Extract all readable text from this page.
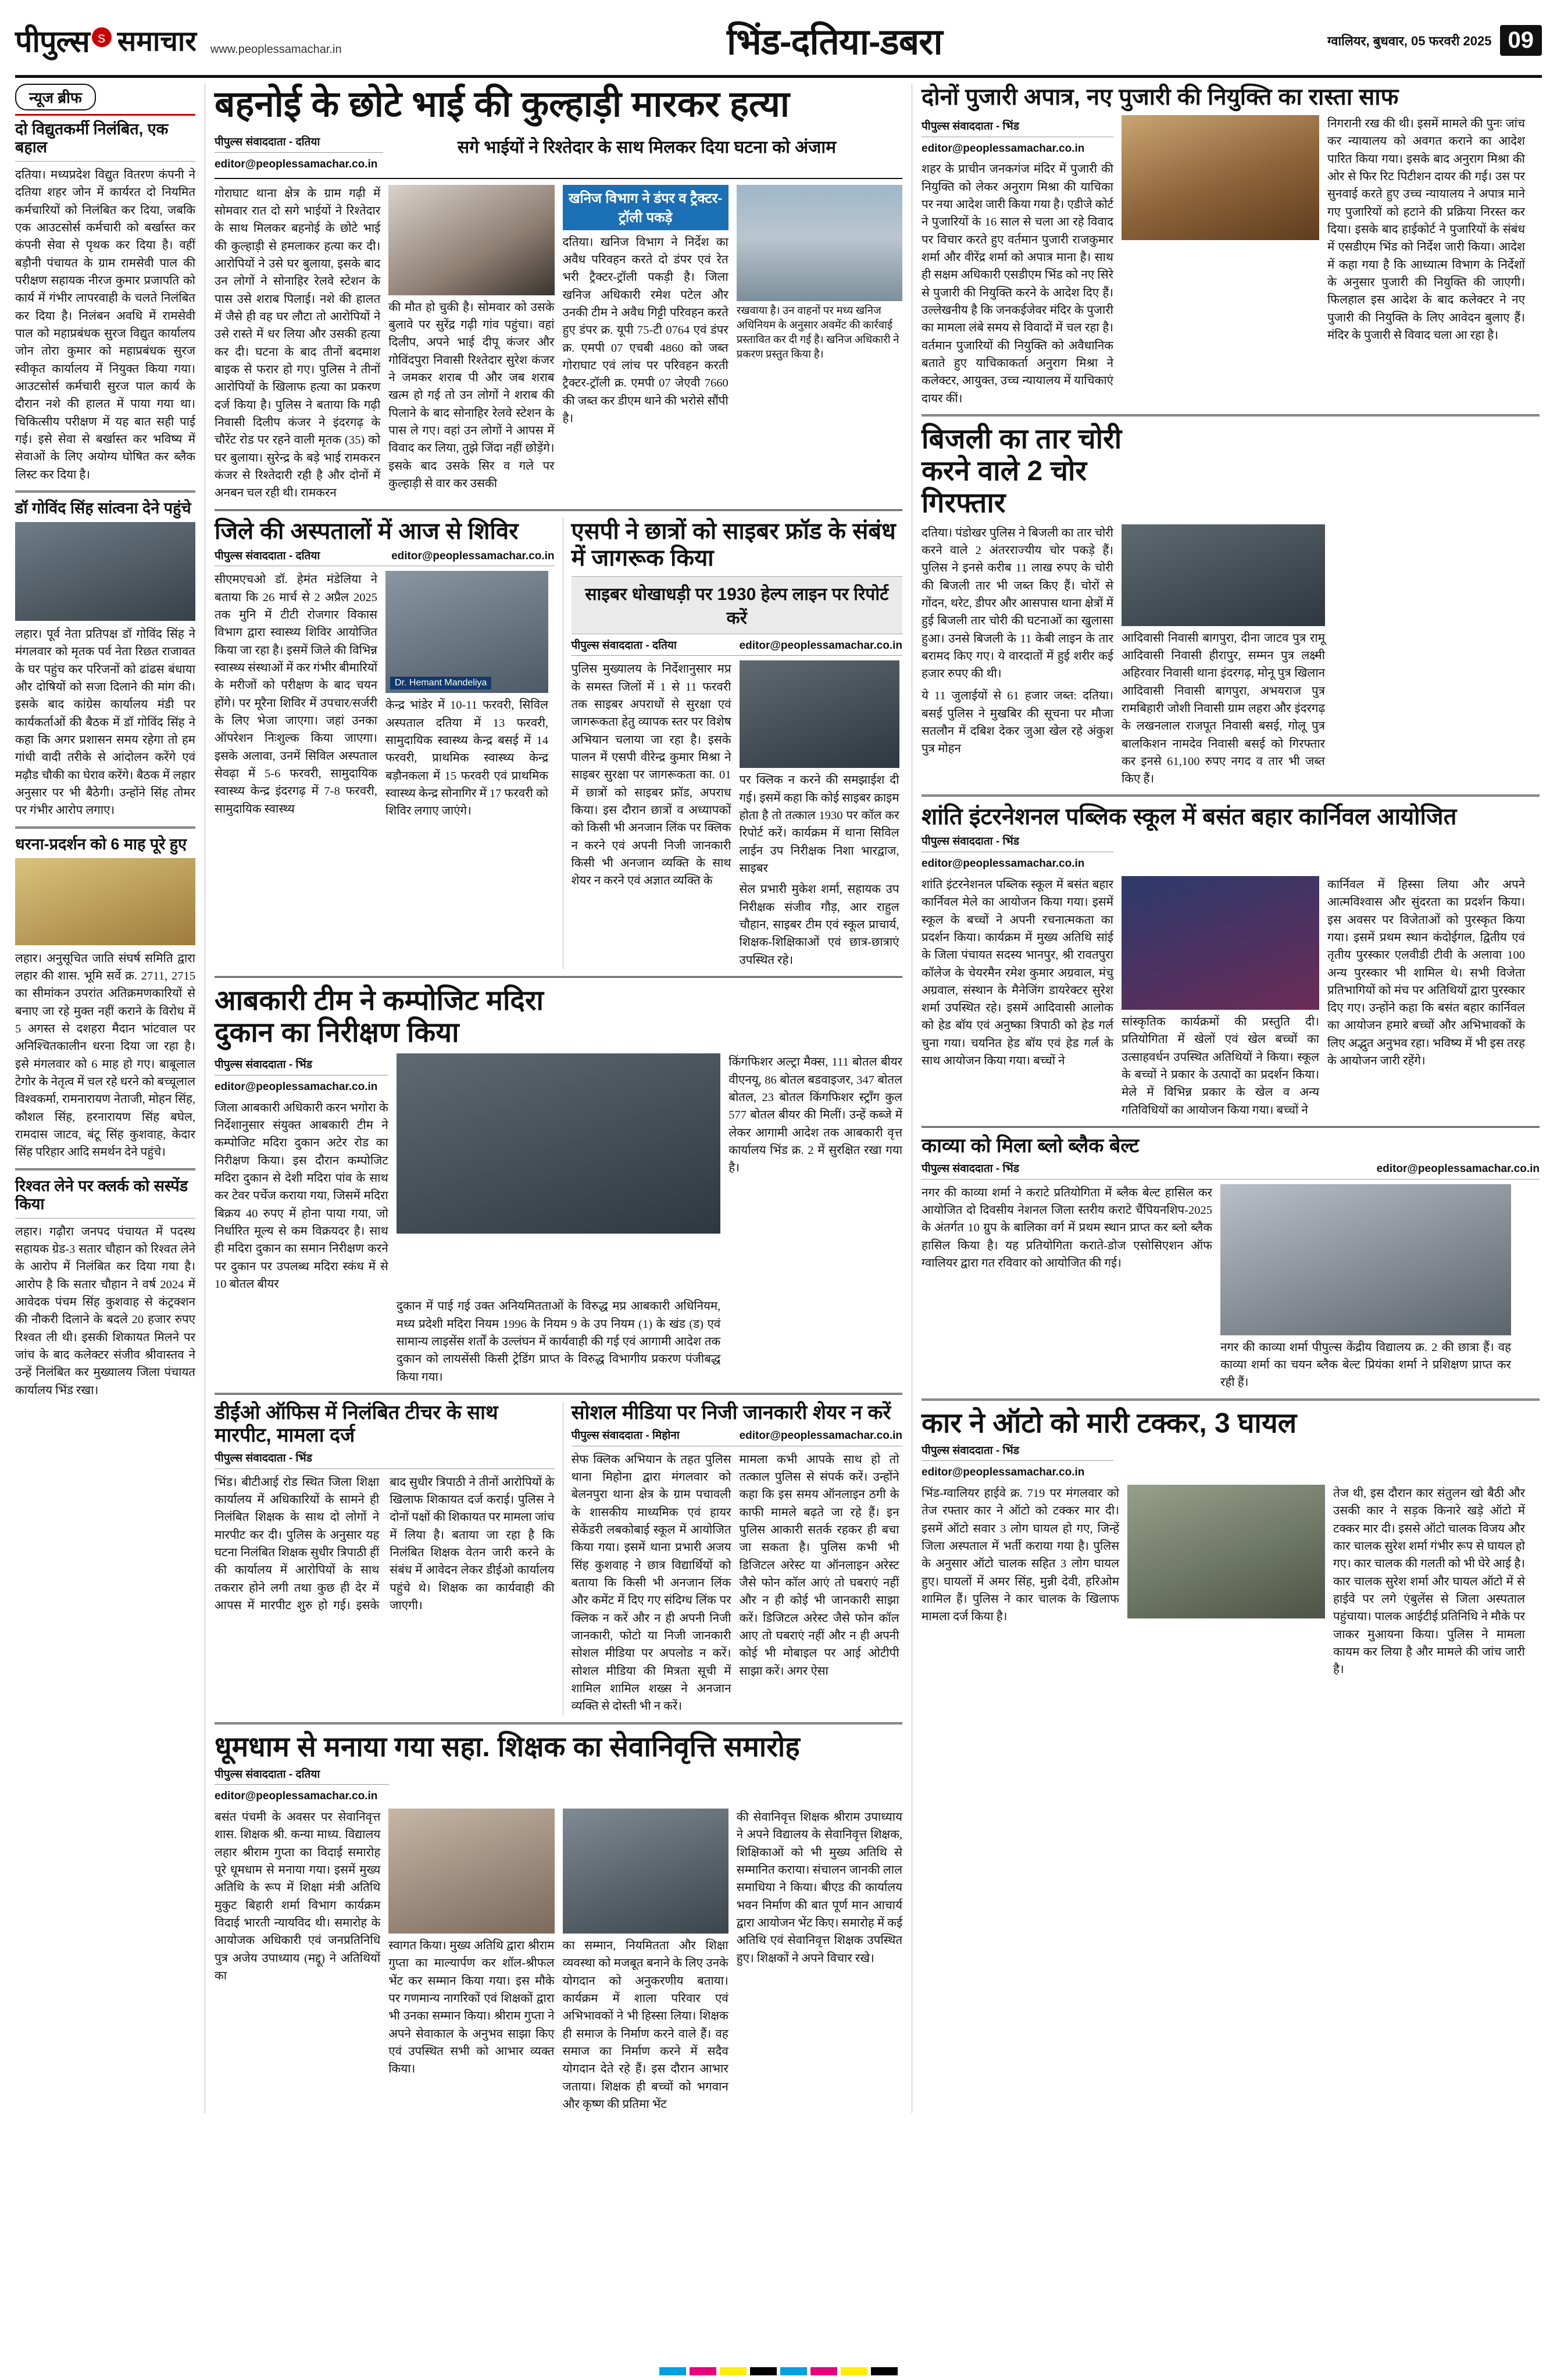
पीपुल्स s समाचार www.peoplessamachar.in	भिंड-दतिया-डबरा	ग्वालियर, बुधवार, 05 फरवरी 2025 09
न्यूज ब्रीफ
दो विद्युतकर्मी निलंबित, एक बहाल
दतिया। मध्यप्रदेश विद्युत वितरण कंपनी ने दतिया शहर जोन में कार्यरत दो नियमित कर्मचारियों को निलंबित कर दिया, जबकि एक आउटसोर्स कर्मचारी को बर्खास्त कर कंपनी सेवा से पृथक कर दिया है। वहीं बड़ौनी पंचायत के ग्राम रामसेवी पाल की परीक्षण सहायक नीरज कुमार प्रजापति को कार्य में गंभीर लापरवाही के चलते निलंबित कर दिया है। निलंबन अवधि में रामसेवी पाल को महाप्रबंधक सुरज विद्युत कार्यालय जोन तोरा कुमार को महाप्रबंधक सुरज स्वीकृत कार्यालय में नियुक्त किया गया। आउटसोर्स कर्मचारी सुरज पाल कार्य के दौरान नशे की हालत में पाया गया था। चिकित्सीय परीक्षण में यह बात सही पाई गई। इसे सेवा से बर्खास्त कर भविष्य में सेवाओं के लिए अयोग्य घोषित कर ब्लैक लिस्ट कर दिया है।
डॉ गोविंद सिंह सांत्वना देने पहुंचे
लहार। पूर्व नेता प्रतिपक्ष डॉ गोविंद सिंह ने मंगलवार को मृतक पर्व नेता रिछत राजावत के घर पहुंच कर परिजनों को ढांढस बंधाया और दोषियों को सजा दिलाने की मांग की। इसके बाद कांग्रेस कार्यालय मंडी पर कार्यकर्ताओं की बैठक में डॉ गोविंद सिंह ने कहा कि अगर प्रशासन समय रहेगा तो हम गांधी वादी तरीके से आंदोलन करेंगे एवं मढ़ौड चौकी का घेराव करेंगे। बैठक में लहार अनुसार पर भी बैठेगी। उन्होंने सिंह तोमर पर गंभीर आरोप लगाए।
धरना-प्रदर्शन को 6 माह पूरे हुए
लहार। अनुसूचित जाति संघर्ष समिति द्वारा लहार की शास. भूमि सर्वे क्र. 2711, 2715 का सीमांकन उपरांत अतिक्रमणकारियों से बनाए जा रहे मुक्त नहीं कराने के विरोध में 5 अगस्त से दशहरा मैदान भांटवाल पर अनिश्चितकालीन धरना दिया जा रहा है। इसे मंगलवार को 6 माह हो गए। बाबूलाल टेगोर के नेतृत्व में चल रहे धरने को बच्चूलाल विश्वकर्मा, रामनारायण नेताजी, मोहन सिंह, कौशल सिंह, हरनारायण सिंह बघेल, रामदास जाटव, बंटू सिंह कुशवाह, केदार सिंह परिहार आदि समर्थन देने पहुंचे।
रिश्वत लेने पर क्लर्क को सस्पेंड किया
लहार। गढ़ौरा जनपद पंचायत में पदस्थ सहायक ग्रेड-3 सतार चौहान को रिश्वत लेने के आरोप में निलंबित कर दिया गया है। आरोप है कि सतार चौहान ने वर्ष 2024 में आवेदक पंचम सिंह कुशवाह से कंट्रक्शन की नौकरी दिलाने के बदले 20 हजार रुपए रिश्वत ली थी। इसकी शिकायत मिलने पर जांच के बाद कलेक्टर संजीव श्रीवास्तव ने उन्हें निलंबित कर मुख्यालय जिला पंचायत कार्यालय भिंड रखा।
बहनोई के छोटे भाई की कुल्हाड़ी मारकर हत्या
पीपुल्स संवाददाता - दतिया
editor@peoplessamachar.co.in
सगे भाईयों ने रिश्तेदार के साथ मिलकर दिया घटना को अंजाम
गोराघाट थाना क्षेत्र के ग्राम गढ़ी में सोमवार रात दो सगे भाईयों ने रिश्तेदार के साथ मिलकर बहनोई के छोटे भाई की कुल्हाड़ी से हमलाकर हत्या कर दी। आरोपियों ने उसे घर बुलाया, इसके बाद उन लोगों ने सोनाहिर रेलवे स्टेशन के पास उसे शराब पिलाई। नशे की हालत में जैसे ही वह घर लौटा तो आरोपियों ने उसे रास्ते में धर लिया और उसकी हत्या कर दी। घटना के बाद तीनों बदमाश बाइक से फरार हो गए। पुलिस ने तीनों आरोपियों के खिलाफ हत्या का प्रकरण दर्ज किया है। पुलिस ने बताया कि गढ़ी निवासी दिलीप कंजर ने इंदरगढ़ के चौरेंट रोड पर रहने वाली मृतक (35) को घर बुलाया। सुरेन्द्र के बड़े भाई रामकरन कंजर से रिश्तेदारी रही है और दोनों में अनबन चल रही थी। रामकरन
की मौत हो चुकी है। सोमवार को उसके बुलावे पर सुरेंद्र गढ़ी गांव पहुंचा। वहां दिलीप, अपने भाई दीपू कंजर और गोविंदपुरा निवासी रिश्तेदार सुरेश कंजर ने जमकर शराब पी और जब शराब खत्म हो गई तो उन लोगों ने शराब की पिलाने के बाद सोनाहिर रेलवे स्टेशन के पास ले गए। वहां उन लोगों ने आपस में विवाद कर लिया, तुझे जिंदा नहीं छोड़ेंगे। इसके बाद उसके सिर व गले पर कुल्हाड़ी से वार कर उसकी
खनिज विभाग ने डंपर व ट्रैक्टर-ट्रॉली पकड़े
दतिया। खनिज विभाग ने निर्देश का अवैध परिवहन करते दो डंपर एवं रेत भरी ट्रैक्टर-ट्रॉली पकड़ी है। जिला खनिज अधिकारी रमेश पटेल और उनकी टीम ने अवैध गिट्टी परिवहन करते हुए डंपर क्र. यूपी 75-टी 0764 एवं डंपर क्र. एमपी 07 एचबी 4860 को जब्त गोराघाट एवं लांच पर परिवहन करती ट्रैक्टर-ट्रॉली क्र. एमपी 07 जेएवी 7660 की जब्त कर डीएम थाने की भरोसे सौंपी है।
रखवाया है। उन वाहनों पर मध्य खनिज अधिनियम के अनुसार अवमेंट की कार्रवाई प्रस्तावित कर दी गई है। खनिज अधिकारी ने प्रकरण प्रस्तुत किया है।
जिले की अस्पतालों में आज से शिविर
पीपुल्स संवाददाता - दतिया	editor@peoplessamachar.co.in
सीएमएचओ डॉ. हेमंत मंडेलिया ने बताया कि 26 मार्च से 2 अप्रैल 2025 तक मुनि में टीटी रोजगार विकास विभाग द्वारा स्वास्थ्य शिविर आयोजित किया जा रहा है। इसमें जिले की विभिन्न स्वास्थ्य संस्थाओं में कर गंभीर बीमारियों के मरीजों को परीक्षण के बाद चयन होंगे। पर मूरैना शिविर में उपचार/सर्जरी के लिए भेजा जाएगा। जहां उनका ऑपरेशन निःशुल्क किया जाएगा। इसके अलावा, उनमें सिविल अस्पताल सेवढ़ा में 5-6 फरवरी, सामुदायिक स्वास्थ्य केन्द्र इंदरगढ़ में 7-8 फरवरी, सामुदायिक स्वास्थ्य
Dr. Hemant Mandeliya
केन्द्र भांडेर में 10-11 फरवरी, सिविल अस्पताल दतिया में 13 फरवरी, सामुदायिक स्वास्थ्य केन्द्र बसई में 14 फरवरी, प्राथमिक स्वास्थ्य केन्द्र बड़ौनकला में 15 फरवरी एवं प्राथमिक स्वास्थ्य केन्द्र सोनागिर में 17 फरवरी को शिविर लगाए जाएंगे।
एसपी ने छात्रों को साइबर फ्रॉड के संबंध में जागरूक किया
साइबर धोखाधड़ी पर 1930 हेल्प लाइन पर रिपोर्ट करें
पीपुल्स संवाददाता - दतिया	editor@peoplessamachar.co.in
पुलिस मुख्यालय के निर्देशानुसार मप्र के समस्त जिलों में 1 से 11 फरवरी तक साइबर अपराधों से सुरक्षा एवं जागरूकता हेतु व्यापक स्तर पर विशेष अभियान चलाया जा रहा है। इसके पालन में एसपी वीरेन्द्र कुमार मिश्रा ने साइबर सुरक्षा पर जागरूकता का. 01 में छात्रों को साइबर फ्रॉड, अपराध किया। इस दौरान छात्रों व अध्यापकों को किसी भी अनजान लिंक पर क्लिक न करने एवं अपनी निजी जानकारी किसी भी अनजान व्यक्ति के साथ शेयर न करने एवं अज्ञात व्यक्ति के
पर क्लिक न करने की समझाईश दी गई। इसमें कहा कि कोई साइबर क्राइम होता है तो तत्काल 1930 पर कॉल कर रिपोर्ट करें। कार्यक्रम में थाना सिविल लाईन उप निरीक्षक निशा भारद्वाज, साइबर
सेल प्रभारी मुकेश शर्मा, सहायक उप निरीक्षक संजीव गौड़, आर राहुल चौहान, साइबर टीम एवं स्कूल प्राचार्य, शिक्षक-शिक्षिकाओं एवं छात्र-छात्राएं उपस्थित रहे।
आबकारी टीम ने कम्पोजिट मदिरा दुकान का निरीक्षण किया
पीपुल्स संवाददाता - भिंड
editor@peoplessamachar.co.in
जिला आबकारी अधिकारी करन भगोरा के निर्देशानुसार संयुक्त आबकारी टीम ने कम्पोजिट मदिरा दुकान अटेर रोड का निरीक्षण किया। इस दौरान कम्पोजिट मदिरा दुकान से देशी मदिरा पांव के साथ कर टेवर पर्चेज कराया गया, जिसमें मदिरा बिक्रय 40 रुपए में होना पाया गया, जो निर्धारित मूल्य से कम विक्रयदर है। साथ ही मदिरा दुकान का समान निरीक्षण करने पर दुकान पर उपलब्ध मदिरा स्कंध में से 10 बोतल बीयर
किंगफिशर अल्ट्रा मैक्स, 111 बोतल बीयर वीएनयू, 86 बोतल बडवाइजर, 347 बोतल बोतल, 23 बोतल किंगफिशर स्ट्रॉंग कुल 577 बोतल बीयर की मिलीं। उन्हें कब्जे में लेकर आगामी आदेश तक आबकारी वृत्त कार्यालय भिंड क्र. 2 में सुरक्षित रखा गया है।
दुकान में पाई गई उक्त अनियमितताओं के विरुद्ध मप्र आबकारी अधिनियम, मध्य प्रदेशी मदिरा नियम 1996 के नियम 9 के उप नियम (1) के खंड (ड) एवं सामान्य लाइसेंस शर्तों के उल्लंघन में कार्यवाही की गई एवं आगामी आदेश तक दुकान को लायसेंसी किसी ट्रेडिंग प्राप्त के विरुद्ध विभागीय प्रकरण पंजीबद्ध किया गया।
डीईओ ऑफिस में निलंबित टीचर के साथ मारपीट, मामला दर्ज
पीपुल्स संवाददाता - भिंड
भिंड। बीटीआई रोड स्थित जिला शिक्षा कार्यालय में अधिकारियों के सामने ही निलंबित शिक्षक के साथ दो लोगों ने मारपीट कर दी। पुलिस के अनुसार यह घटना निलंबित शिक्षक सुधीर त्रिपाठी हीं की कार्यालय में आरोपियों के साथ तकरार होने लगी तथा कुछ ही देर में आपस में मारपीट शुरु हो गई। इसके बाद सुधीर त्रिपाठी ने तीनों आरोपियों के खिलाफ शिकायत दर्ज कराई। पुलिस ने दोनों पक्षों की शिकायत पर मामला जांच में लिया है। बताया जा रहा है कि निलंबित शिक्षक वेतन जारी करने के संबंध में आवेदन लेकर डीईओ कार्यालय पहुंचे थे। शिक्षक का कार्यवाही की जाएगी।
सोशल मीडिया पर निजी जानकारी शेयर न करें
पीपुल्स संवाददाता - मिहोना	editor@peoplessamachar.co.in
सेफ क्लिक अभियान के तहत पुलिस थाना मिहोना द्वारा मंगलवार को बेलनपुरा थाना क्षेत्र के ग्राम पचावली के शासकीय माध्यमिक एवं हायर सेकेंडरी लबकोबाई स्कूल में आयोजित किया गया। इसमें थाना प्रभारी अजय सिंह कुशवाह ने छात्र विद्यार्थियों को बताया कि किसी भी अनजान लिंक और कमेंट में दिए गए संदिग्ध लिंक पर क्लिक न करें और न ही अपनी निजी जानकारी, फोटो या निजी जानकारी सोशल मीडिया पर अपलोड न करें। सोशल मीडिया की मित्रता सूची में शामिल शामिल शख्स ने अनजान व्यक्ति से दोस्ती भी न करें।
मामला कभी आपके साथ हो तो तत्काल पुलिस से संपर्क करें। उन्होंने कहा कि इस समय ऑनलाइन ठगी के काफी मामले बढ़ते जा रहे हैं। इन पुलिस आकारी सतर्क रहकर ही बचा जा सकता है। पुलिस कभी भी डिजिटल अरेस्ट या ऑनलाइन अरेस्ट जैसे फोन कॉल आएं तो घबराएं नहीं और न ही कोई भी जानकारी साझा करें। डिजिटल अरेस्ट जैसे फोन कॉल आए तो घबराएं नहीं और न ही अपनी कोई भी मोबाइल पर आई ओटीपी साझा करें। अगर ऐसा
धूमधाम से मनाया गया सहा. शिक्षक का सेवानिवृत्ति समारोह
पीपुल्स संवाददाता - दतिया
editor@peoplessamachar.co.in
बसंत पंचमी के अवसर पर सेवानिवृत्त शास. शिक्षक श्री. कन्या माध्य. विद्यालय लहार श्रीराम गुप्ता का विदाई समारोह पूरे धूमधाम से मनाया गया। इसमें मुख्य अतिथि के रूप में शिक्षा मंत्री अतिथि मुकुट बिहारी शर्मा विभाग कार्यक्रम विदाई भारती न्यायविद थी। समारोह के आयोजक अधिकारी एवं जनप्रतिनिधि पुत्र अजेय उपाध्याय (मद्दू) ने अतिथियों का
स्वागत किया। मुख्य अतिथि द्वारा श्रीराम गुप्ता का माल्यार्पण कर शॉल-श्रीफल भेंट कर सम्मान किया गया। इस मौके पर गणमान्य नागरिकों एवं शिक्षकों द्वारा भी उनका सम्मान किया। श्रीराम गुप्ता ने अपने सेवाकाल के अनुभव साझा किए एवं उपस्थित सभी को आभार व्यक्त किया।
का सम्मान, नियमितता और शिक्षा व्यवस्था को मजबूत बनाने के लिए उनके योगदान को अनुकरणीय बताया। कार्यक्रम में शाला परिवार एवं अभिभावकों ने भी हिस्सा लिया। शिक्षक ही समाज के निर्माण करने वाले हैं। वह समाज का निर्माण करने में सदैव योगदान देते रहे हैं। इस दौरान आभार जताया। शिक्षक ही बच्चों को भगवान और कृष्ण की प्रतिमा भेंट
की सेवानिवृत्त शिक्षक श्रीराम उपाध्याय ने अपने विद्यालय के सेवानिवृत्त शिक्षक, शिक्षिकाओं को भी मुख्य अतिथि से सम्मानित कराया। संचालन जानकी लाल समाधिया ने किया। बीएड की कार्यालय भवन निर्माण की बात पूर्ण मान आचार्य द्वारा आयोजन भेंट किए। समारोह में कई अतिथि एवं सेवानिवृत्त शिक्षक उपस्थित हुए। शिक्षकों ने अपने विचार रखे।
दोनों पुजारी अपात्र, नए पुजारी की नियुक्ति का रास्ता साफ
पीपुल्स संवाददाता - भिंड
editor@peoplessamachar.co.in
शहर के प्राचीन जनकगंज मंदिर में पुजारी की नियुक्ति को लेकर अनुराग मिश्रा की याचिका पर नया आदेश जारी किया गया है। एडीजे कोर्ट ने पुजारियों के 16 साल से चला आ रहे विवाद पर विचार करते हुए वर्तमान पुजारी राजकुमार शर्मा और वीरेंद्र शर्मा को अपात्र माना है। साथ ही सक्षम अधिकारी एसडीएम भिंड को नए सिरे से पुजारी की नियुक्ति करने के आदेश दिए हैं। उल्लेखनीय है कि जनकईजेवर मंदिर के पुजारी का मामला लंबे समय से विवादों में चल रहा है। वर्तमान पुजारियों की नियुक्ति को अवैधानिक बताते हुए याचिकाकर्ता अनुराग मिश्रा ने कलेक्टर, आयुक्त, उच्च न्यायालय में याचिकाएं दायर कीं।
निगरानी रख की थी। इसमें मामले की पुनः जांच कर न्यायालय को अवगत कराने का आदेश पारित किया गया। इसके बाद अनुराग मिश्रा की ओर से फिर रिट पिटीशन दायर की गई। उस पर सुनवाई करते हुए उच्च न्यायालय ने अपात्र माने गए पुजारियों को हटाने की प्रक्रिया निरस्त कर दिया। इसके बाद हाईकोर्ट ने पुजारियों के संबंध में एसडीएम भिंड को निर्देश जारी किया। आदेश में कहा गया है कि आध्यात्म विभाग के निर्देशों के अनुसार पुजारी की नियुक्ति की जाएगी। फिलहाल इस आदेश के बाद कलेक्टर ने नए पुजारी की नियुक्ति के लिए आवेदन बुलाए हैं। मंदिर के पुजारी से विवाद चला आ रहा है।
बिजली का तार चोरी करने वाले 2 चोर गिरफ्तार
दतिया। पंडोखर पुलिस ने बिजली का तार चोरी करने वाले 2 अंतरराज्यीय चोर पकड़े हैं। पुलिस ने इनसे करीब 11 लाख रुपए के चोरी की बिजली तार भी जब्त किए हैं। चोरों से गोंदन, थरेट, डीपर और आसपास थाना क्षेत्रों में हुई बिजली तार चोरी की घटनाओं का खुलासा हुआ। उनसे बिजली के 11 केबी लाइन के तार बरामद किए गए। ये वारदातों में हुई शरीर कई हजार रुपए की थी।
ये 11 जुलाईयों से 61 हजार जब्त: दतिया। बसई पुलिस ने मुखबिर की सूचना पर मौजा सतलौन में दबिश देकर जुआ खेल रहे अंकुश पुत्र मोहन
आदिवासी निवासी बागपुरा, दीना जाटव पुत्र रामू आदिवासी निवासी हीरापुर, सम्मन पुत्र लक्ष्मी अहिरवार निवासी थाना इंदरगढ़, मोनू पुत्र खिलान आदिवासी निवासी बागपुरा, अभयराज पुत्र रामबिहारी जोशी निवासी ग्राम लहरा और इंदरगढ़ के लखनलाल राजपूत निवासी बसई, गोलू पुत्र बालकिशन नामदेव निवासी बसई को गिरफ्तार कर इनसे 61,100 रुपए नगद व तार भी जब्त किए हैं।
शांति इंटरनेशनल पब्लिक स्कूल में बसंत बहार कार्निवल आयोजित
पीपुल्स संवाददाता - भिंड
editor@peoplessamachar.co.in
शांति इंटरनेशनल पब्लिक स्कूल में बसंत बहार कार्निवल मेले का आयोजन किया गया। इसमें स्कूल के बच्चों ने अपनी रचनात्मकता का प्रदर्शन किया। कार्यक्रम में मुख्य अतिथि सांई के जिला पंचायत सदस्य भानपुर, श्री रावतपुरा कॉलेज के चेयरमैन रमेश कुमार अग्रवाल, मंचु अग्रवाल, संस्थान के मैनेजिंग डायरेक्टर सुरेश शर्मा उपस्थित रहे। इसमें आदिवासी आलोक को हेड बॉय एवं अनुष्का त्रिपाठी को हेड गर्ल चुना गया। चयनित हेड बॉय एवं हेड गर्ल के साथ आयोजन किया गया। बच्चों ने
सांस्कृतिक कार्यक्रमों की प्रस्तुति दी। प्रतियोगिता में खेलों एवं खेल बच्चों का उत्साहवर्धन उपस्थित अतिथियों ने किया। स्कूल के बच्चों ने प्रकार के उत्पादों का प्रदर्शन किया। मेले में विभिन्न प्रकार के खेल व अन्य गतिविधियों का आयोजन किया गया। बच्चों ने
कार्निवल में हिस्सा लिया और अपने आत्मविश्वास और सुंदरता का प्रदर्शन किया। इस अवसर पर विजेताओं को पुरस्कृत किया गया। इसमें प्रथम स्थान कंदोईगल, द्वितीय एवं तृतीय पुरस्कार एलवीडी टीवी के अलावा 100 अन्य पुरस्कार भी शामिल थे। सभी विजेता प्रतिभागियों को मंच पर अतिथियों द्वारा पुरस्कार दिए गए। उन्होंने कहा कि बसंत बहार कार्निवल का आयोजन हमारे बच्चों और अभिभावकों के लिए अद्भुत अनुभव रहा। भविष्य में भी इस तरह के आयोजन जारी रहेंगे।
काव्या को मिला ब्लो ब्लैक बेल्ट
पीपुल्स संवाददाता - भिंड	editor@peoplessamachar.co.in
नगर की काव्या शर्मा ने कराटे प्रतियोगिता में ब्लैक बेल्ट हासिल कर आयोजित दो दिवसीय नेशनल जिला स्तरीय कराटे चैंपियनशिप-2025 के अंतर्गत 10 ग्रुप के बालिका वर्ग में प्रथम स्थान प्राप्त कर ब्लो ब्लैक हासिल किया है। यह प्रतियोगिता कराते-डोज एसोसिएशन ऑफ ग्वालियर द्वारा गत रविवार को आयोजित की गई।
नगर की काव्या शर्मा पीपुल्स केंद्रीय विद्यालय क्र. 2 की छात्रा हैं। वह काव्या शर्मा का चयन ब्लैक बेल्ट प्रियंका शर्मा ने प्रशिक्षण प्राप्त कर रही हैं।
कार ने ऑटो को मारी टक्कर, 3 घायल
पीपुल्स संवाददाता - भिंड
editor@peoplessamachar.co.in
भिंड-ग्वालियर हाईवे क्र. 719 पर मंगलवार को तेज रफ्तार कार ने ऑटो को टक्कर मार दी। इसमें ऑटो सवार 3 लोग घायल हो गए, जिन्हें जिला अस्पताल में भर्ती कराया गया है। पुलिस के अनुसार ऑटो चालक सहित 3 लोग घायल हुए। घायलों में अमर सिंह, मुन्नी देवी, हरिओम शामिल हैं। पुलिस ने कार चालक के खिलाफ मामला दर्ज किया है।
तेज थी, इस दौरान कार संतुलन खो बैठी और उसकी कार ने सड़क किनारे खड़े ऑटो में टक्कर मार दी। इससे ऑटो चालक विजय और कार चालक सुरेश शर्मा गंभीर रूप से घायल हो गए। कार चालक की गलती को भी घेरे आई है। कार चालक सुरेश शर्मा और घायल ऑटो में से हाईवे पर लगे एंबुलेंस से जिला अस्पताल पहुंचाया। पालक आईटीई प्रतिनिधि ने मौके पर जाकर मुआयना किया। पुलिस ने मामला कायम कर लिया है और मामले की जांच जारी है।
